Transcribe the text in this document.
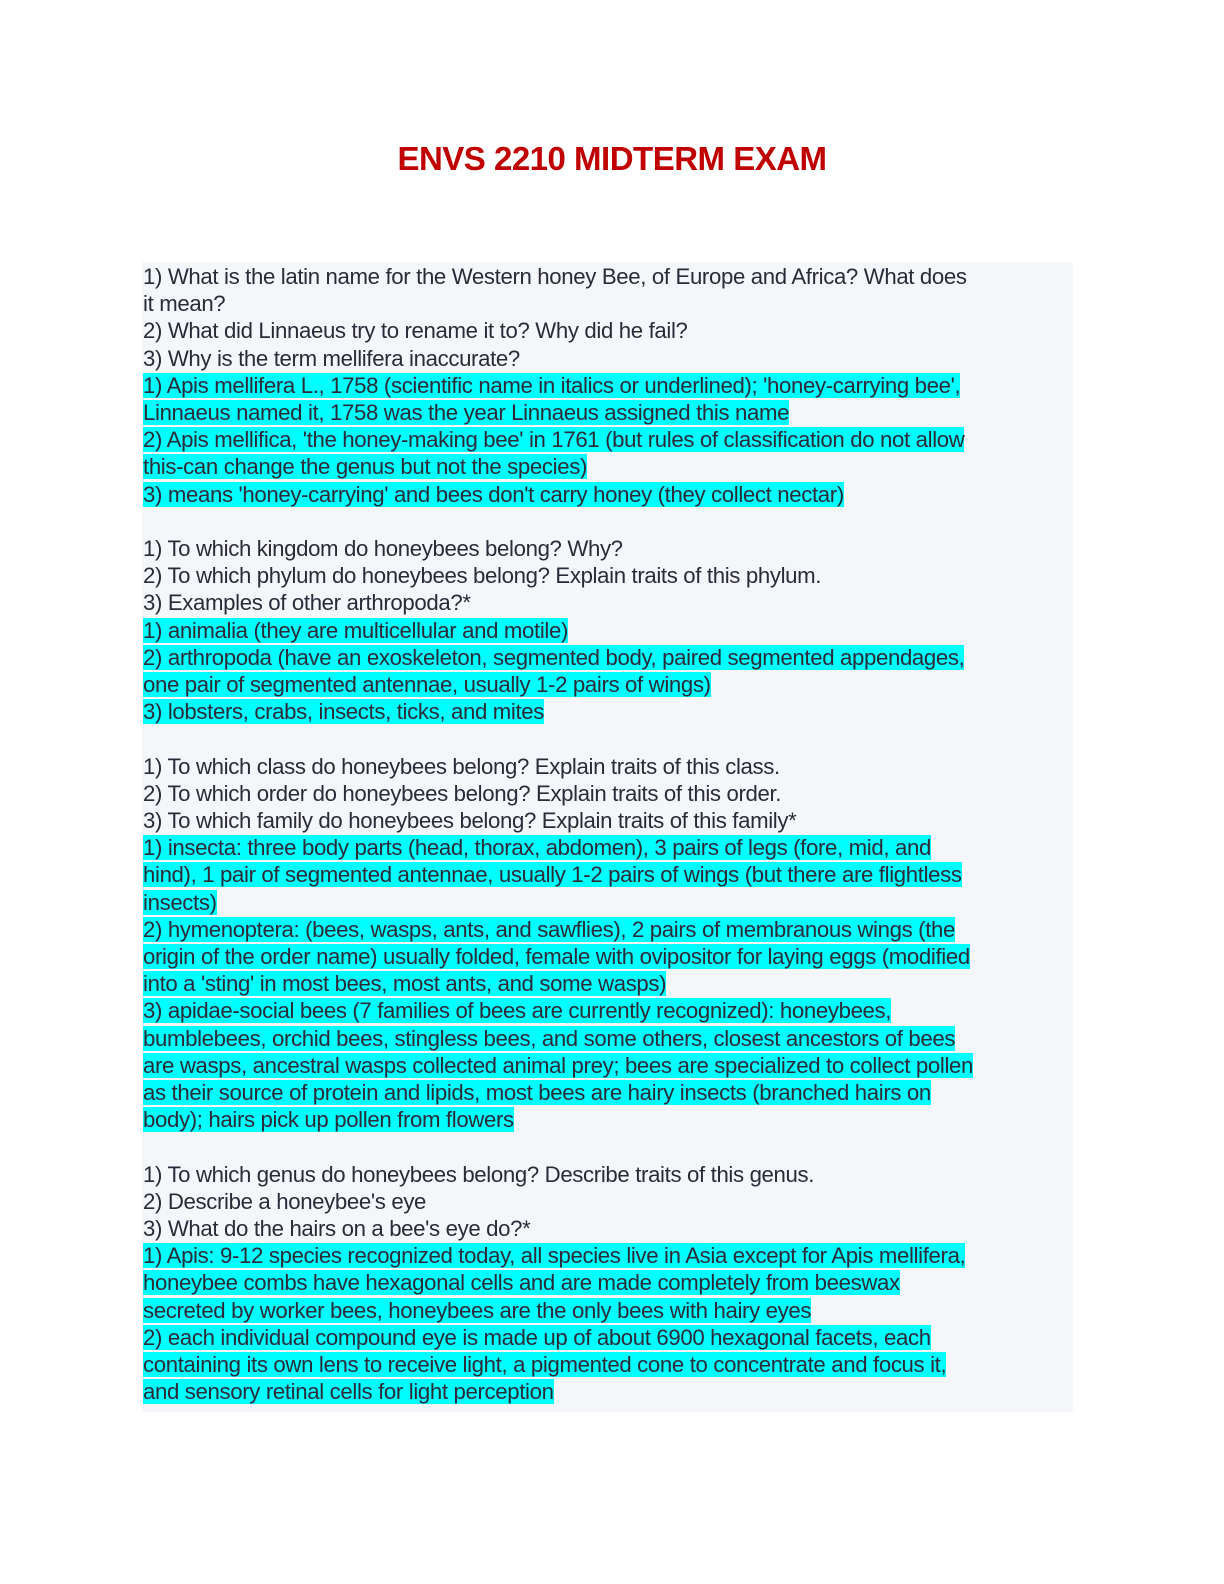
ENVS 2210 MIDTERM EXAM
1) What is the latin name for the Western honey Bee, of Europe and Africa? What does
it mean?
2) What did Linnaeus try to rename it to? Why did he fail?
3) Why is the term mellifera inaccurate?
1) Apis mellifera L., 1758 (scientific name in italics or underlined); 'honey-carrying bee',
Linnaeus named it, 1758 was the year Linnaeus assigned this name
2) Apis mellifica, 'the honey-making bee' in 1761 (but rules of classification do not allow
this-can change the genus but not the species)
3) means 'honey-carrying' and bees don't carry honey (they collect nectar)
1) To which kingdom do honeybees belong? Why?
2) To which phylum do honeybees belong? Explain traits of this phylum.
3) Examples of other arthropoda?*
1) animalia (they are multicellular and motile)
2) arthropoda (have an exoskeleton, segmented body, paired segmented appendages,
one pair of segmented antennae, usually 1-2 pairs of wings)
3) lobsters, crabs, insects, ticks, and mites
1) To which class do honeybees belong? Explain traits of this class.
2) To which order do honeybees belong? Explain traits of this order.
3) To which family do honeybees belong? Explain traits of this family*
1) insecta: three body parts (head, thorax, abdomen), 3 pairs of legs (fore, mid, and
hind), 1 pair of segmented antennae, usually 1-2 pairs of wings (but there are flightless
insects)
2) hymenoptera: (bees, wasps, ants, and sawflies), 2 pairs of membranous wings (the
origin of the order name) usually folded, female with ovipositor for laying eggs (modified
into a 'sting' in most bees, most ants, and some wasps)
3) apidae-social bees (7 families of bees are currently recognized): honeybees,
bumblebees, orchid bees, stingless bees, and some others, closest ancestors of bees
are wasps, ancestral wasps collected animal prey; bees are specialized to collect pollen
as their source of protein and lipids, most bees are hairy insects (branched hairs on
body); hairs pick up pollen from flowers
1) To which genus do honeybees belong? Describe traits of this genus.
2) Describe a honeybee's eye
3) What do the hairs on a bee's eye do?*
1) Apis: 9-12 species recognized today, all species live in Asia except for Apis mellifera,
honeybee combs have hexagonal cells and are made completely from beeswax
secreted by worker bees, honeybees are the only bees with hairy eyes
2) each individual compound eye is made up of about 6900 hexagonal facets, each
containing its own lens to receive light, a pigmented cone to concentrate and focus it,
and sensory retinal cells for light perception
